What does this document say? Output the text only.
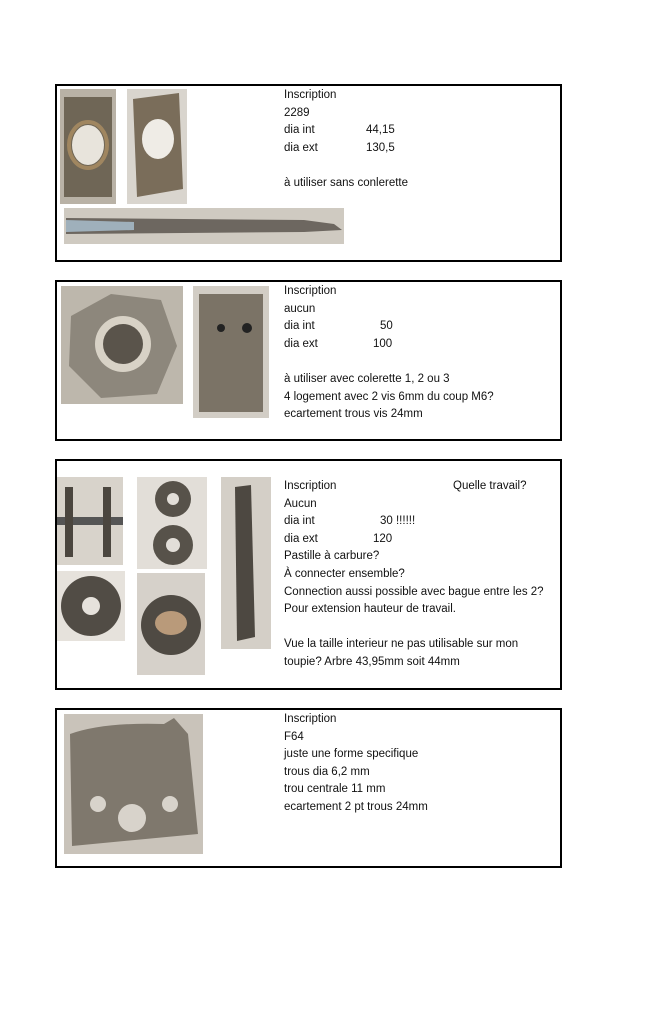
Inscription
2289
dia int
dia ext
à utiliser sans conlerette
44,15
130,5
Inscription
aucun
dia int
dia ext
à utiliser avec colerette 1, 2 ou 3
4 logement avec 2 vis 6mm du coup M6?
ecartement trous vis 24mm
50
100
Inscription
Aucun
dia int
dia ext
Pastille à carbure?
À connecter ensemble?
Connection aussi possible avec bague entre les 2?
Pour extension hauteur de travail.
Vue la taille interieur ne pas utilisable sur mon
toupie? Arbre 43,95mm soit 44mm
Quelle travail?
30 !!!!!!
120
Inscription
F64
juste une forme specifique
trous dia 6,2 mm
trou centrale 11 mm
ecartement 2 pt trous 24mm
